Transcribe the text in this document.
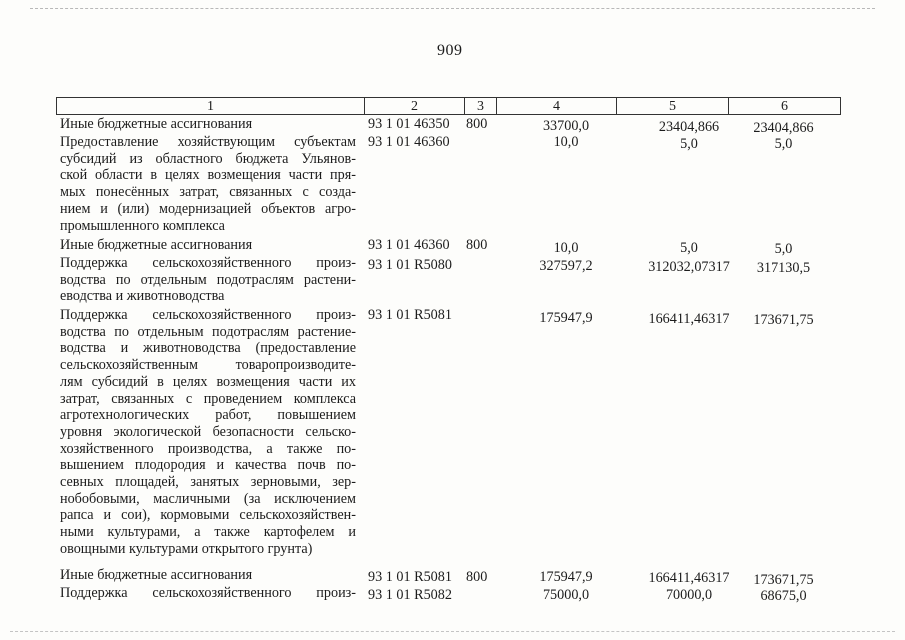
909
1	2	3	4	5	6
Иные бюджетные ассигнования	93 1 01 46350 800	33700,0	23404,866	23404,866
Предоставление хозяйствующим субъектам
субсидий из областного бюджета Ульянов-
ской области в целях возмещения части пря-
мых понесённых затрат, связанных с созда-
нием и (или) модернизацией объектов агро-
промышленного комплекса
93 1 01 46360	10,0	5,0	5,0
Иные бюджетные ассигнования	93 1 01 46360 800	10,0	5,0	5,0
Поддержка сельскохозяйственного произ-
водства по отдельным подотраслям растени-
еводства и животноводства
93 1 01 R5080	327597,2	312032,07317	317130,5
Поддержка сельскохозяйственного произ-
водства по отдельным подотраслям растение-
водства и животноводства (предоставление
сельскохозяйственным товаропроизводите-
лям субсидий в целях возмещения части их
затрат, связанных с проведением комплекса
агротехнологических работ, повышением
уровня экологической безопасности сельско-
хозяйственного производства, а также по-
вышением плодородия и качества почв по-
севных площадей, занятых зерновыми, зер-
нобобовыми, масличными (за исключением
рапса и сои), кормовыми сельскохозяйствен-
ными культурами, а также картофелем и
овощными культурами открытого грунта)
93 1 01 R5081	175947,9	166411,46317	173671,75
Иные бюджетные ассигнования	93 1 01 R5081 800	175947,9	166411,46317	173671,75
Поддержка сельскохозяйственного произ- 93 1 01 R5082	75000,0	70000,0	68675,0
